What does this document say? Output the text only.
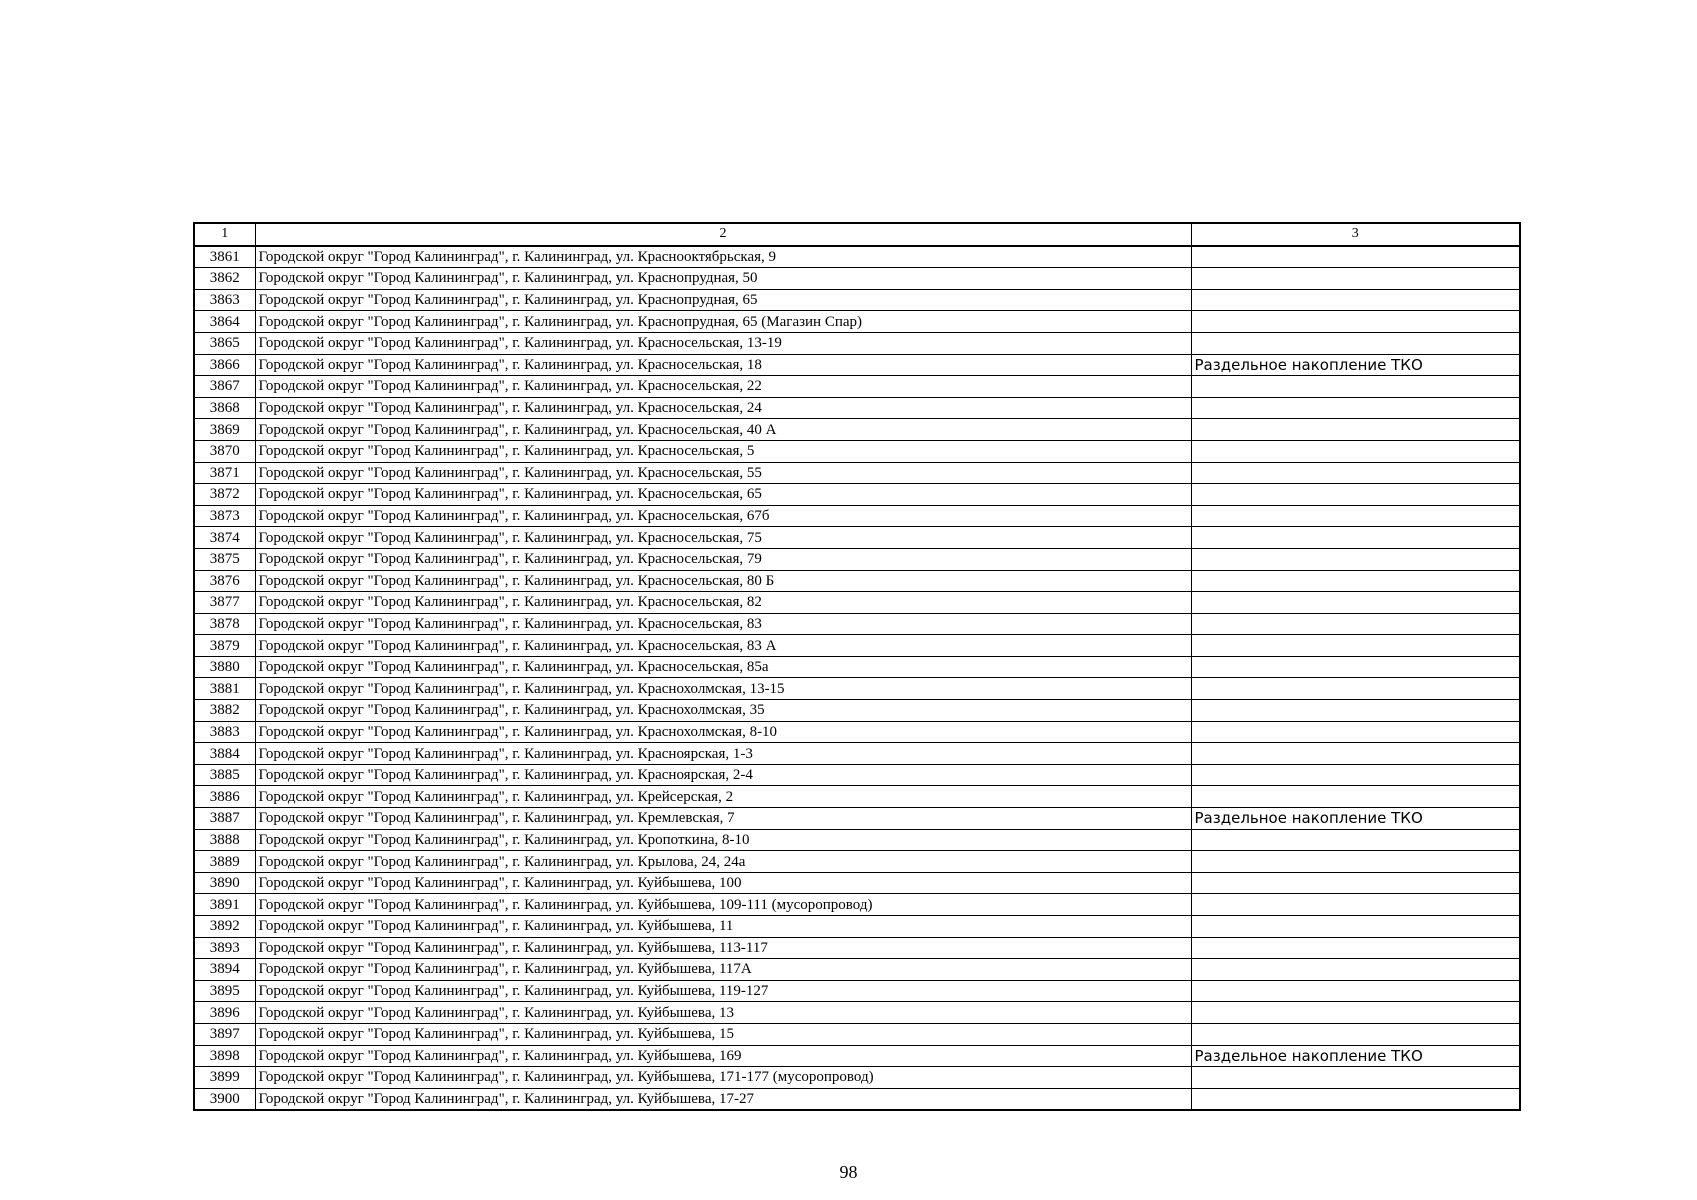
1	2	3
3861	Городской округ "Город Калининград", г. Калининград, ул. Краснооктябрьская, 9	
3862	Городской округ "Город Калининград", г. Калининград, ул. Краснопрудная, 50	
3863	Городской округ "Город Калининград", г. Калининград, ул. Краснопрудная, 65	
3864	Городской округ "Город Калининград", г. Калининград, ул. Краснопрудная, 65 (Магазин Спар)	
3865	Городской округ "Город Калининград", г. Калининград, ул. Красносельская, 13-19	
3866	Городской округ "Город Калининград", г. Калининград, ул. Красносельская, 18	Раздельное накопление ТКО
3867	Городской округ "Город Калининград", г. Калининград, ул. Красносельская, 22	
3868	Городской округ "Город Калининград", г. Калининград, ул. Красносельская, 24	
3869	Городской округ "Город Калининград", г. Калининград, ул. Красносельская, 40 А	
3870	Городской округ "Город Калининград", г. Калининград, ул. Красносельская, 5	
3871	Городской округ "Город Калининград", г. Калининград, ул. Красносельская, 55	
3872	Городской округ "Город Калининград", г. Калининград, ул. Красносельская, 65	
3873	Городской округ "Город Калининград", г. Калининград, ул. Красносельская, 67б	
3874	Городской округ "Город Калининград", г. Калининград, ул. Красносельская, 75	
3875	Городской округ "Город Калининград", г. Калининград, ул. Красносельская, 79	
3876	Городской округ "Город Калининград", г. Калининград, ул. Красносельская, 80 Б	
3877	Городской округ "Город Калининград", г. Калининград, ул. Красносельская, 82	
3878	Городской округ "Город Калининград", г. Калининград, ул. Красносельская, 83	
3879	Городской округ "Город Калининград", г. Калининград, ул. Красносельская, 83 А	
3880	Городской округ "Город Калининград", г. Калининград, ул. Красносельская, 85а	
3881	Городской округ "Город Калининград", г. Калининград, ул. Краснохолмская, 13-15	
3882	Городской округ "Город Калининград", г. Калининград, ул. Краснохолмская, 35	
3883	Городской округ "Город Калининград", г. Калининград, ул. Краснохолмская, 8-10	
3884	Городской округ "Город Калининград", г. Калининград, ул. Красноярская, 1-3	
3885	Городской округ "Город Калининград", г. Калининград, ул. Красноярская, 2-4	
3886	Городской округ "Город Калининград", г. Калининград, ул. Крейсерская, 2	
3887	Городской округ "Город Калининград", г. Калининград, ул. Кремлевская, 7	Раздельное накопление ТКО
3888	Городской округ "Город Калининград", г. Калининград, ул. Кропоткина, 8-10	
3889	Городской округ "Город Калининград", г. Калининград, ул. Крылова, 24, 24а	
3890	Городской округ "Город Калининград", г. Калининград, ул. Куйбышева, 100	
3891	Городской округ "Город Калининград", г. Калининград, ул. Куйбышева, 109-111 (мусоропровод)	
3892	Городской округ "Город Калининград", г. Калининград, ул. Куйбышева, 11	
3893	Городской округ "Город Калининград", г. Калининград, ул. Куйбышева, 113-117	
3894	Городской округ "Город Калининград", г. Калининград, ул. Куйбышева, 117А	
3895	Городской округ "Город Калининград", г. Калининград, ул. Куйбышева, 119-127	
3896	Городской округ "Город Калининград", г. Калининград, ул. Куйбышева, 13	
3897	Городской округ "Город Калининград", г. Калининград, ул. Куйбышева, 15	
3898	Городской округ "Город Калининград", г. Калининград, ул. Куйбышева, 169	Раздельное накопление ТКО
3899	Городской округ "Город Калининград", г. Калининград, ул. Куйбышева, 171-177 (мусоропровод)	
3900	Городской округ "Город Калининград", г. Калининград, ул. Куйбышева, 17-27	
98
